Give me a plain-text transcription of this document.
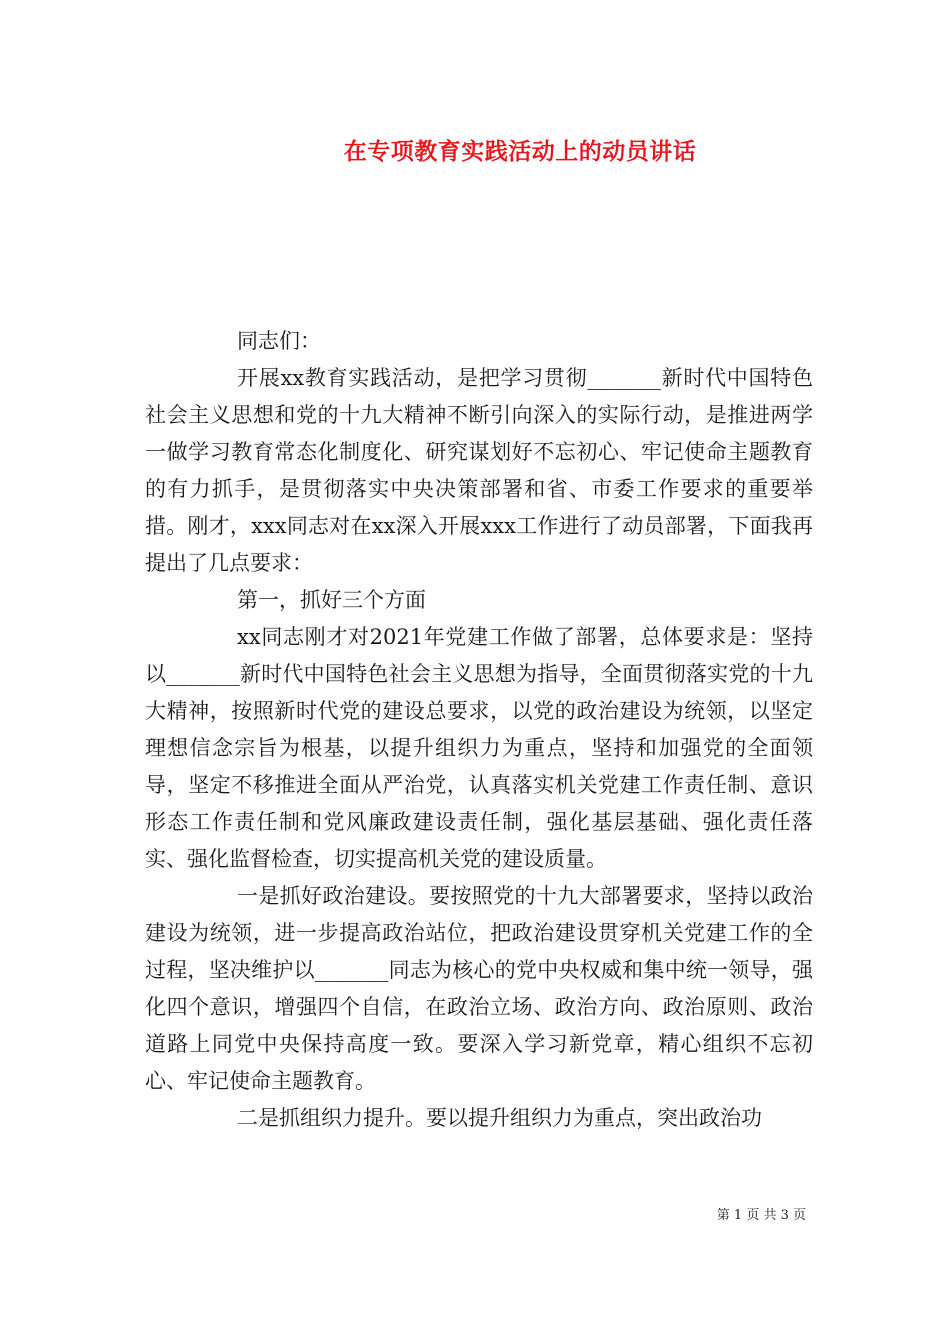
在专项教育实践活动上的动员讲话

同志们：

开展xx教育实践活动，是把学习贯彻_______新时代中国特色社会主义思想和党的十九大精神不断引向深入的实际行动，是推进两学一做学习教育常态化制度化、研究谋划好不忘初心、牢记使命主题教育的有力抓手，是贯彻落实中央决策部署和省、市委工作要求的重要举措。刚才，xxx同志对在xx深入开展xxx工作进行了动员部署，下面我再提出了几点要求：

第一，抓好三个方面

xx同志刚才对2021年党建工作做了部署，总体要求是：坚持以_______新时代中国特色社会主义思想为指导，全面贯彻落实党的十九大精神，按照新时代党的建设总要求，以党的政治建设为统领，以坚定理想信念宗旨为根基，以提升组织力为重点，坚持和加强党的全面领导，坚定不移推进全面从严治党，认真落实机关党建工作责任制、意识形态工作责任制和党风廉政建设责任制，强化基层基础、强化责任落实、强化监督检查，切实提高机关党的建设质量。

一是抓好政治建设。要按照党的十九大部署要求，坚持以政治建设为统领，进一步提高政治站位，把政治建设贯穿机关党建工作的全过程，坚决维护以_______同志为核心的党中央权威和集中统一领导，强化四个意识，增强四个自信，在政治立场、政治方向、政治原则、政治道路上同党中央保持高度一致。要深入学习新党章，精心组织不忘初心、牢记使命主题教育。

二是抓组织力提升。要以提升组织力为重点，突出政治功

第 1 页 共 3 页
